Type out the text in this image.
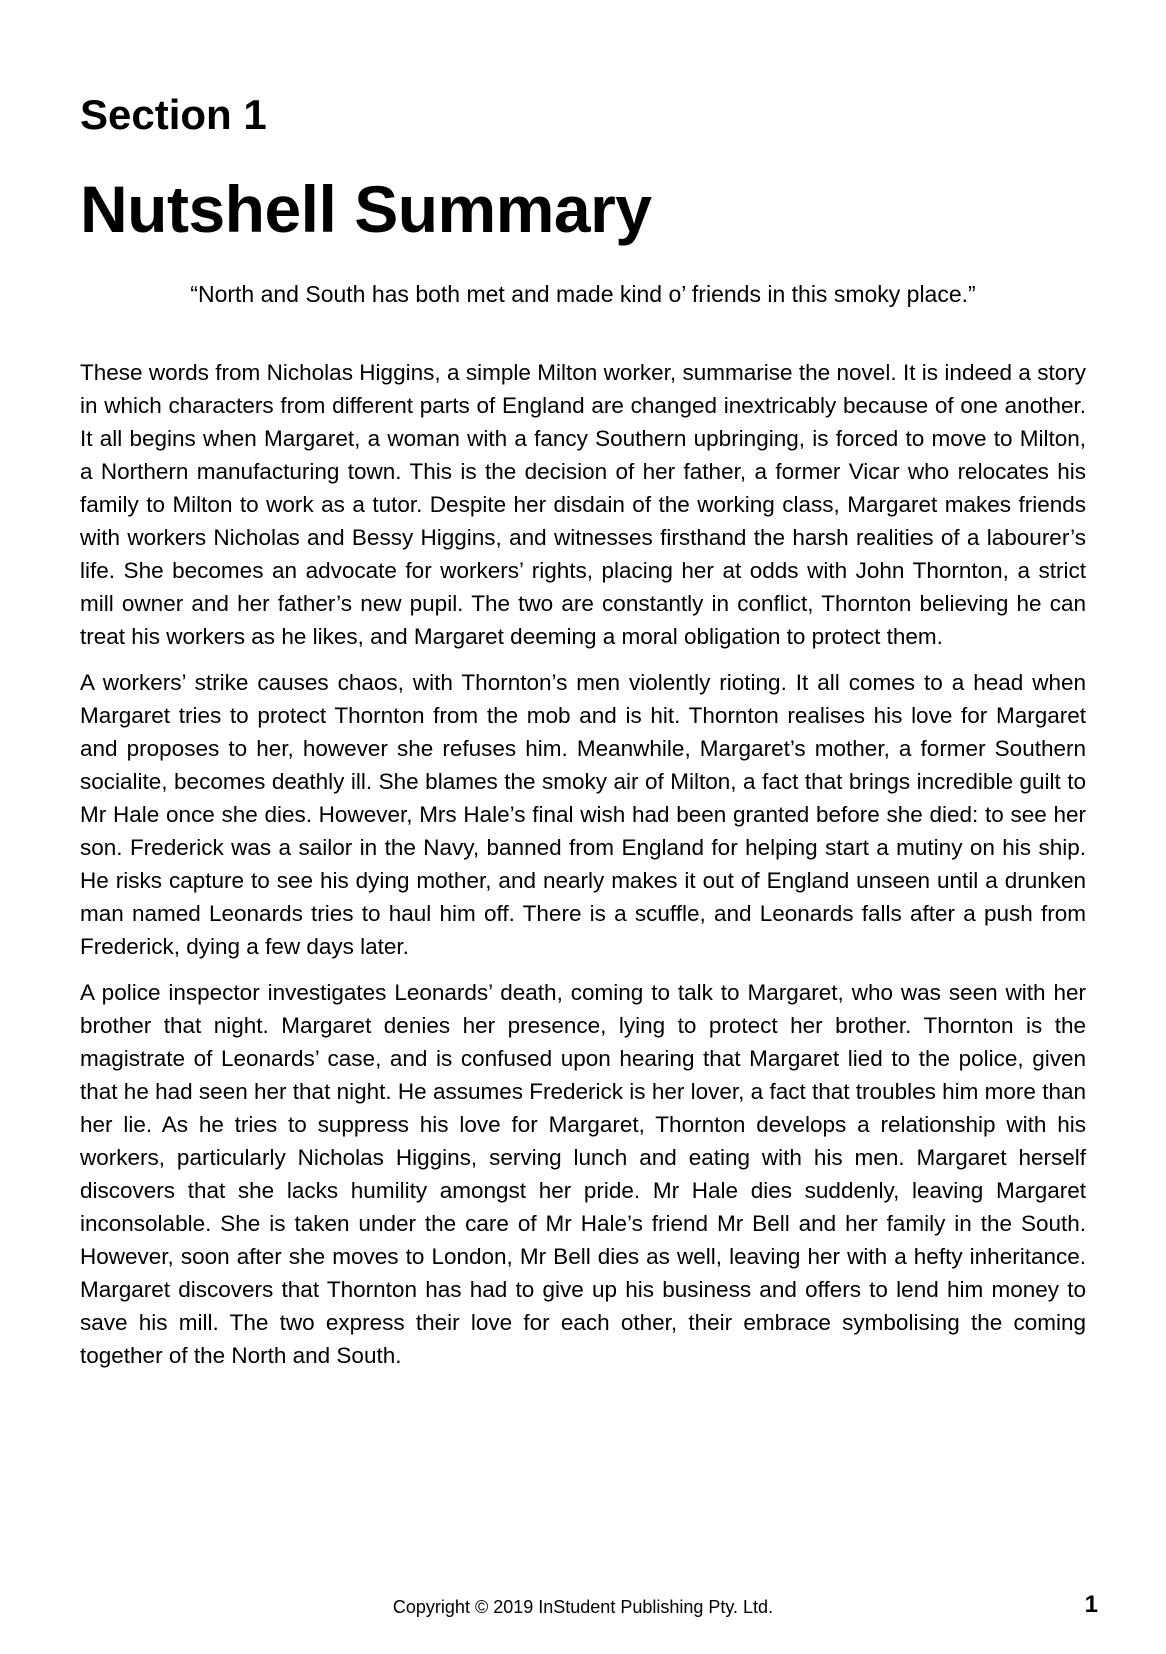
Section 1
Nutshell Summary

“North and South has both met and made kind o’ friends in this smoky place.”

These words from Nicholas Higgins, a simple Milton worker, summarise the novel. It is indeed a story in which characters from different parts of England are changed inextricably because of one another. It all begins when Margaret, a woman with a fancy Southern upbringing, is forced to move to Milton, a Northern manufacturing town. This is the decision of her father, a former Vicar who relocates his family to Milton to work as a tutor. Despite her disdain of the working class, Margaret makes friends with workers Nicholas and Bessy Higgins, and witnesses firsthand the harsh realities of a labourer’s life. She becomes an advocate for workers’ rights, placing her at odds with John Thornton, a strict mill owner and her father’s new pupil. The two are constantly in conflict, Thornton believing he can treat his workers as he likes, and Margaret deeming a moral obligation to protect them.

A workers’ strike causes chaos, with Thornton’s men violently rioting. It all comes to a head when Margaret tries to protect Thornton from the mob and is hit. Thornton realises his love for Margaret and proposes to her, however she refuses him. Meanwhile, Margaret’s mother, a former Southern socialite, becomes deathly ill. She blames the smoky air of Milton, a fact that brings incredible guilt to Mr Hale once she dies. However, Mrs Hale’s final wish had been granted before she died: to see her son. Frederick was a sailor in the Navy, banned from England for helping start a mutiny on his ship. He risks capture to see his dying mother, and nearly makes it out of England unseen until a drunken man named Leonards tries to haul him off. There is a scuffle, and Leonards falls after a push from Frederick, dying a few days later.

A police inspector investigates Leonards’ death, coming to talk to Margaret, who was seen with her brother that night. Margaret denies her presence, lying to protect her brother. Thornton is the magistrate of Leonards’ case, and is confused upon hearing that Margaret lied to the police, given that he had seen her that night. He assumes Frederick is her lover, a fact that troubles him more than her lie. As he tries to suppress his love for Margaret, Thornton develops a relationship with his workers, particularly Nicholas Higgins, serving lunch and eating with his men. Margaret herself discovers that she lacks humility amongst her pride. Mr Hale dies suddenly, leaving Margaret inconsolable. She is taken under the care of Mr Hale’s friend Mr Bell and her family in the South. However, soon after she moves to London, Mr Bell dies as well, leaving her with a hefty inheritance. Margaret discovers that Thornton has had to give up his business and offers to lend him money to save his mill. The two express their love for each other, their embrace symbolising the coming together of the North and South.

Copyright © 2019 InStudent Publishing Pty. Ltd.	1
